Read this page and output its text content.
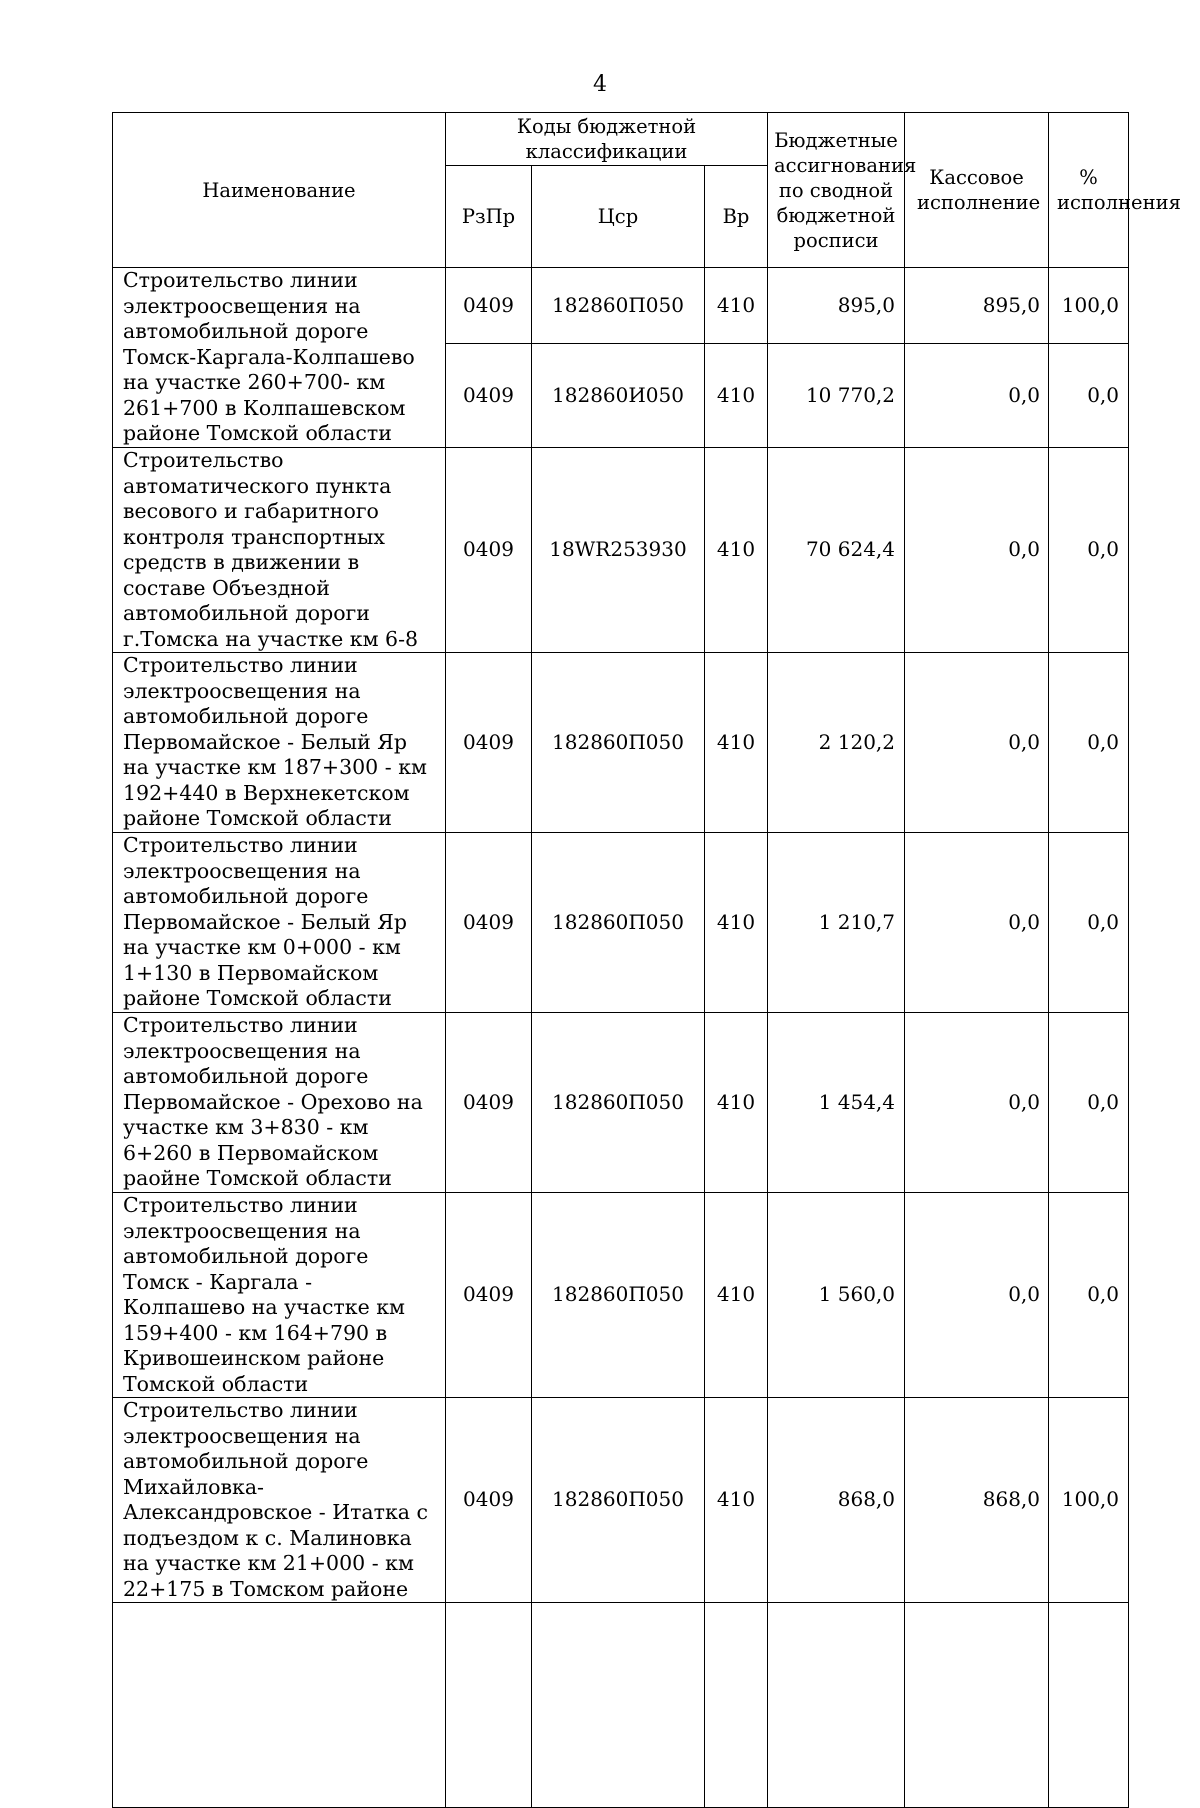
4
Наименование	Коды бюджетной классификации			Бюджетные ассигнования по сводной бюджетной росписи	Кассовое исполнение	% исполнения
	РзПр	Цср	Вр			
Строительство линии электроосвещения на автомобильной дороге Томск-Каргала-Колпашево на участке 260+700- км 261+700 в Колпашевском районе Томской области	0409	182860П050	410	895,0	895,0	100,0
	0409	182860И050	410	10 770,2	0,0	0,0
Строительство автоматического пункта весового и габаритного контроля транспортных средств в движении в составе Объездной автомобильной дороги г.Томска на участке км 6-8	0409	18WR253930	410	70 624,4	0,0	0,0
Строительство линии электроосвещения на автомобильной дороге Первомайское - Белый Яр на участке км 187+300 - км 192+440 в Верхнекетском районе Томской области	0409	182860П050	410	2 120,2	0,0	0,0
Строительство линии электроосвещения на автомобильной дороге Первомайское - Белый Яр на участке км 0+000 - км 1+130 в Первомайском районе Томской области	0409	182860П050	410	1 210,7	0,0	0,0
Строительство линии электроосвещения на автомобильной дороге Первомайское - Орехово на участке км 3+830 - км 6+260 в Первомайском раойне Томской области	0409	182860П050	410	1 454,4	0,0	0,0
Строительство линии электроосвещения на автомобильной дороге Томск - Каргала - Колпашево на участке км 159+400 - км 164+790 в Кривошеинском районе Томской области	0409	182860П050	410	1 560,0	0,0	0,0
Строительство линии электроосвещения на автомобильной дороге Михайловка- Александровское - Итатка с подъездом к с. Малиновка на участке км 21+000 - км 22+175 в Томском районе	0409	182860П050	410	868,0	868,0	100,0
